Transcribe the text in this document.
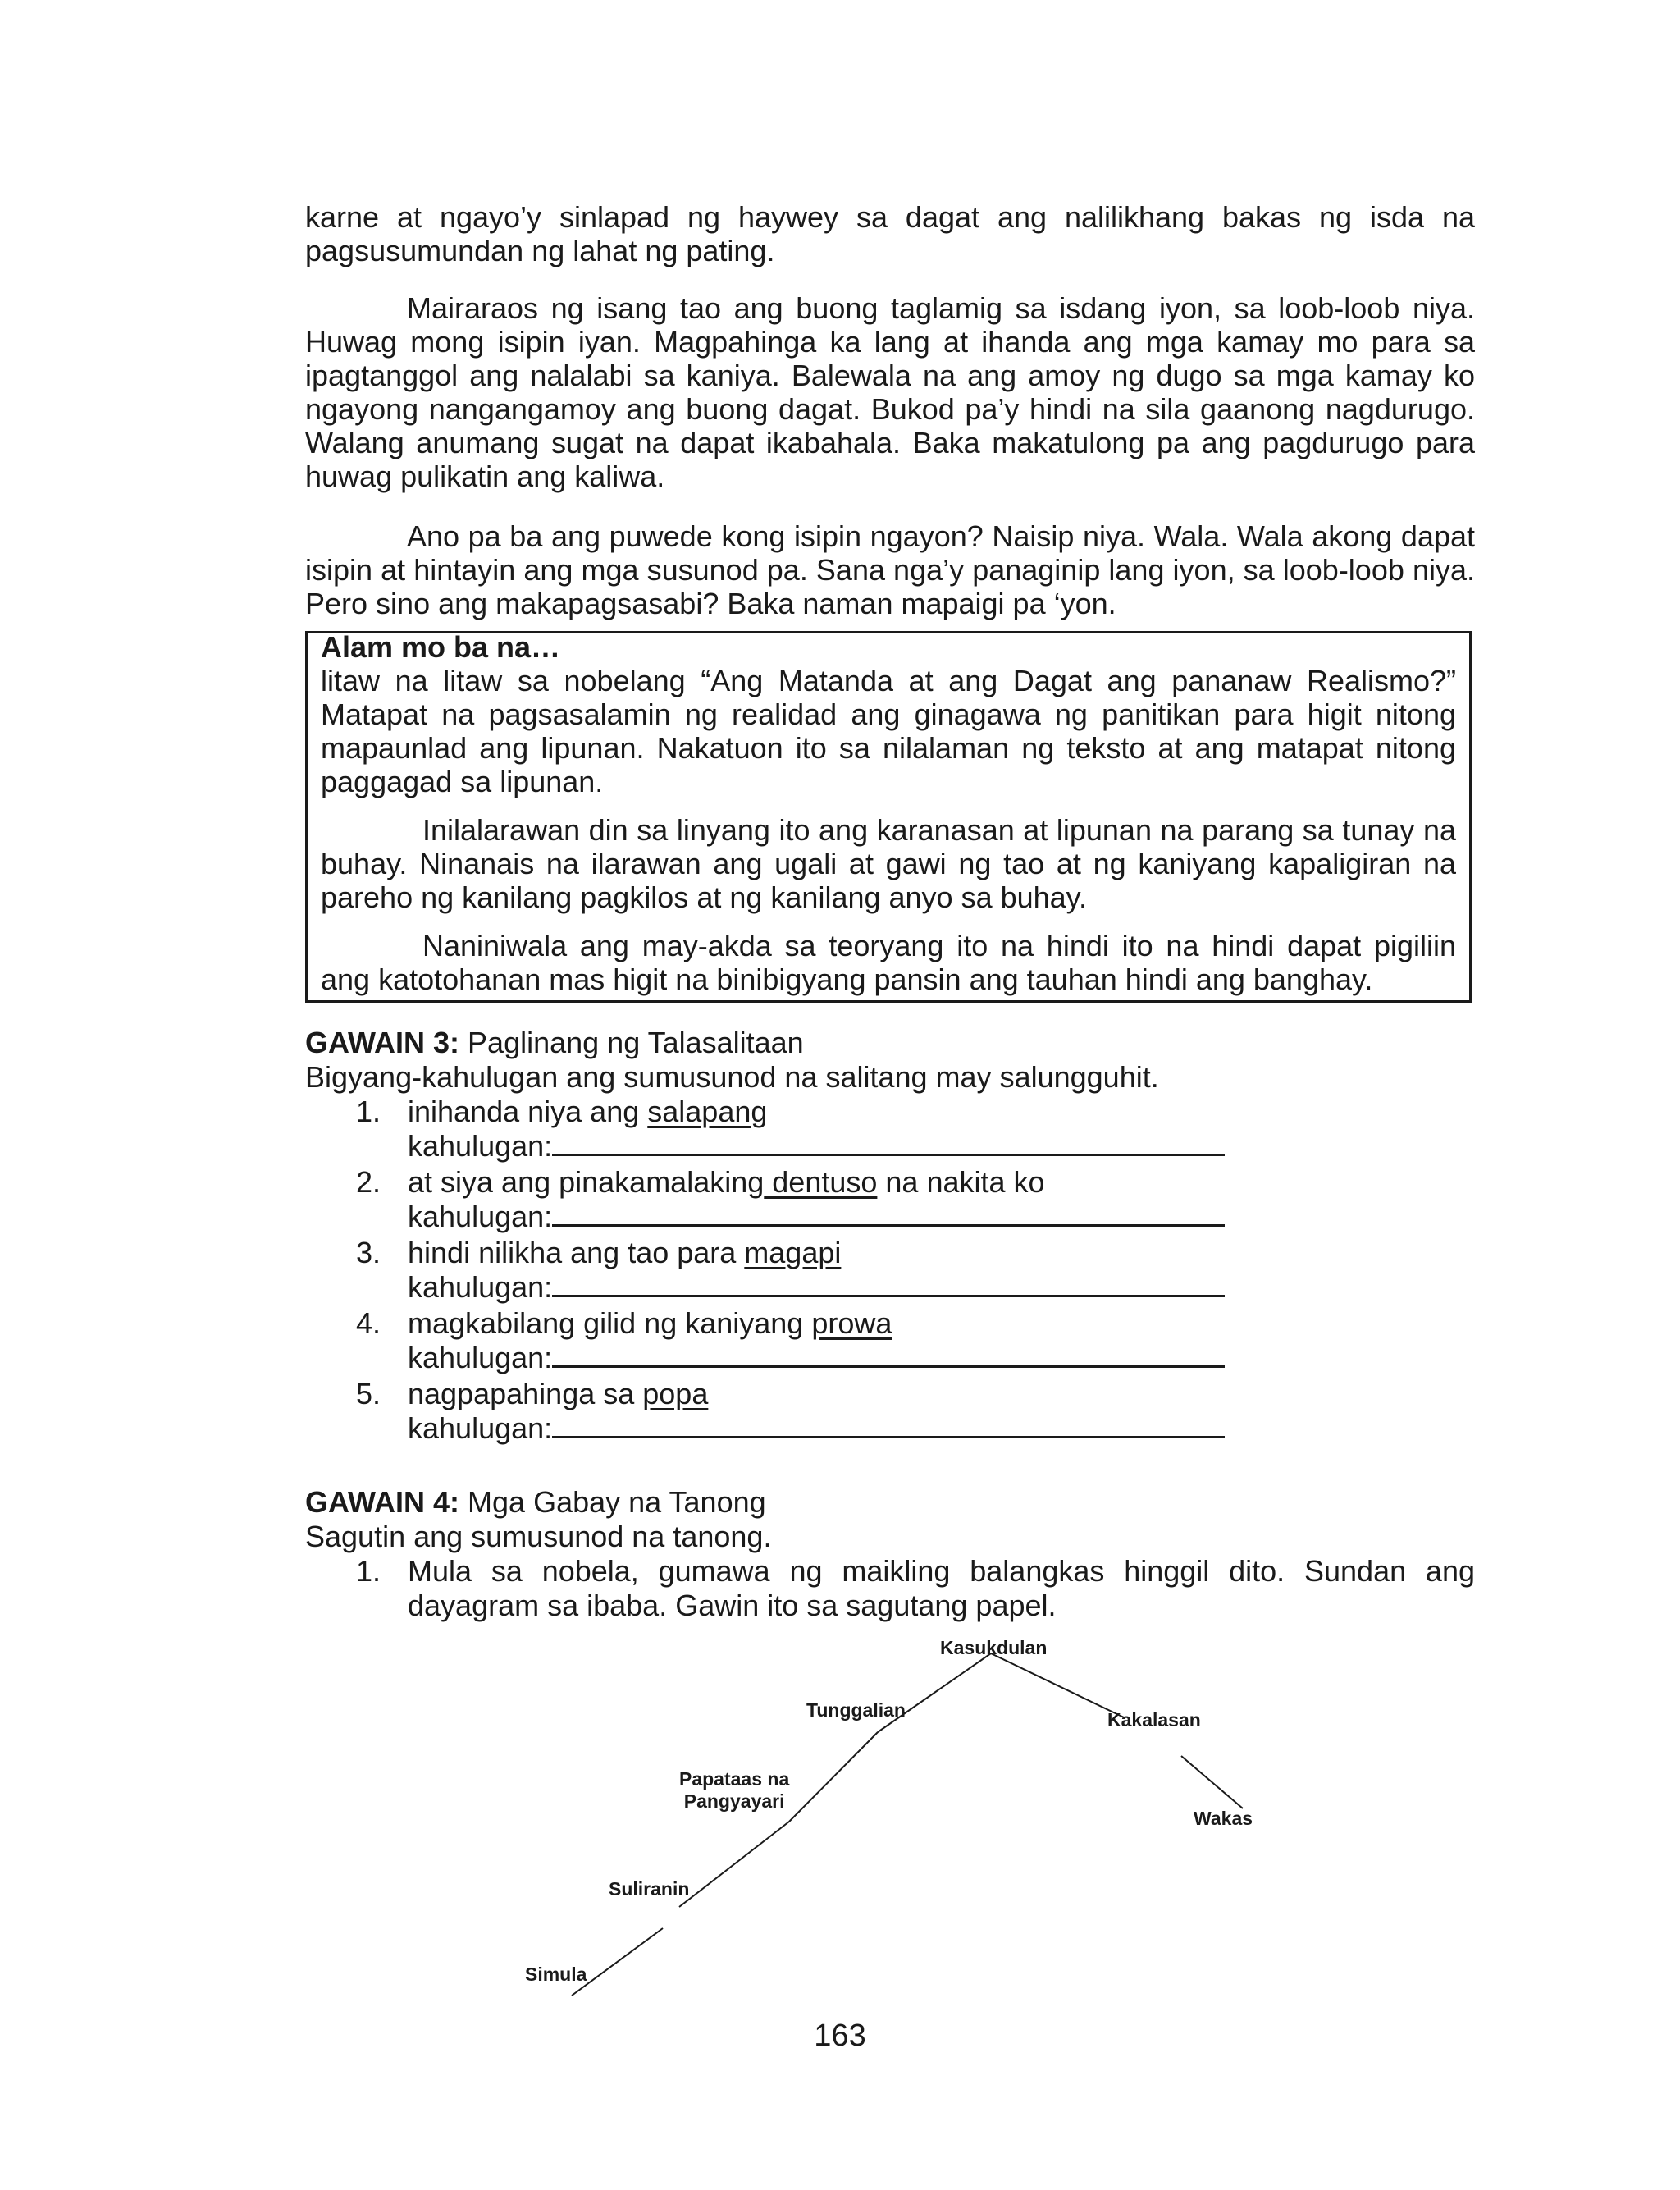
karne at ngayo’y sinlapad ng haywey sa dagat ang nalilikhang bakas ng isda na pagsusumundan ng lahat ng pating.

Mairaraos ng isang tao ang buong taglamig sa isdang iyon, sa loob-loob niya. Huwag mong isipin iyan. Magpahinga ka lang at ihanda ang mga kamay mo para sa ipagtanggol ang nalalabi sa kaniya. Balewala na ang amoy ng dugo sa mga kamay ko ngayong nangangamoy ang buong dagat. Bukod pa’y hindi na sila gaanong nagdurugo. Walang anumang sugat na dapat ikabahala. Baka makatulong pa ang pagdurugo para huwag pulikatin ang kaliwa.

Ano pa ba ang puwede kong isipin ngayon? Naisip niya. Wala. Wala akong dapat isipin at hintayin ang mga susunod pa. Sana nga’y panaginip lang iyon, sa loob-loob niya. Pero sino ang makapagsasabi? Baka naman mapaigi pa ‘yon.

Alam mo ba na…

litaw na litaw sa nobelang “Ang Matanda at ang Dagat ang pananaw Realismo?” Matapat na pagsasalamin ng realidad ang ginagawa ng panitikan para higit nitong mapaunlad ang lipunan. Nakatuon ito sa nilalaman ng teksto at ang matapat nitong paggagad sa lipunan.

Inilalarawan din sa linyang ito ang karanasan at lipunan na parang sa tunay na buhay. Ninanais na ilarawan ang ugali at gawi ng tao at ng kaniyang kapaligiran na pareho ng kanilang pagkilos at ng kanilang anyo sa buhay.

Naniniwala ang may-akda sa teoryang ito na hindi ito na hindi dapat pigiliin ang katotohanan mas higit na binibigyang pansin ang tauhan hindi ang banghay.

GAWAIN 3: Paglinang ng Talasalitaan
Bigyang-kahulugan ang sumusunod na salitang may salungguhit.
1. inihanda niya ang salapang
kahulugan:
2. at siya ang pinakamalaking dentuso na nakita ko
kahulugan:
3. hindi nilikha ang tao para magapi
kahulugan:
4. magkabilang gilid ng kaniyang prowa
kahulugan:
5. nagpapahinga sa popa
kahulugan:
GAWAIN 4: Mga Gabay na Tanong
Sagutin ang sumusunod na tanong.
1. Mula sa nobela, gumawa ng maikling balangkas hinggil dito. Sundan ang dayagram sa ibaba. Gawin ito sa sagutang papel.

Kasukdulan
Tunggalian	Kakalasan
Papataas na
Pangyayari
Wakas
Suliranin
Simula
163
